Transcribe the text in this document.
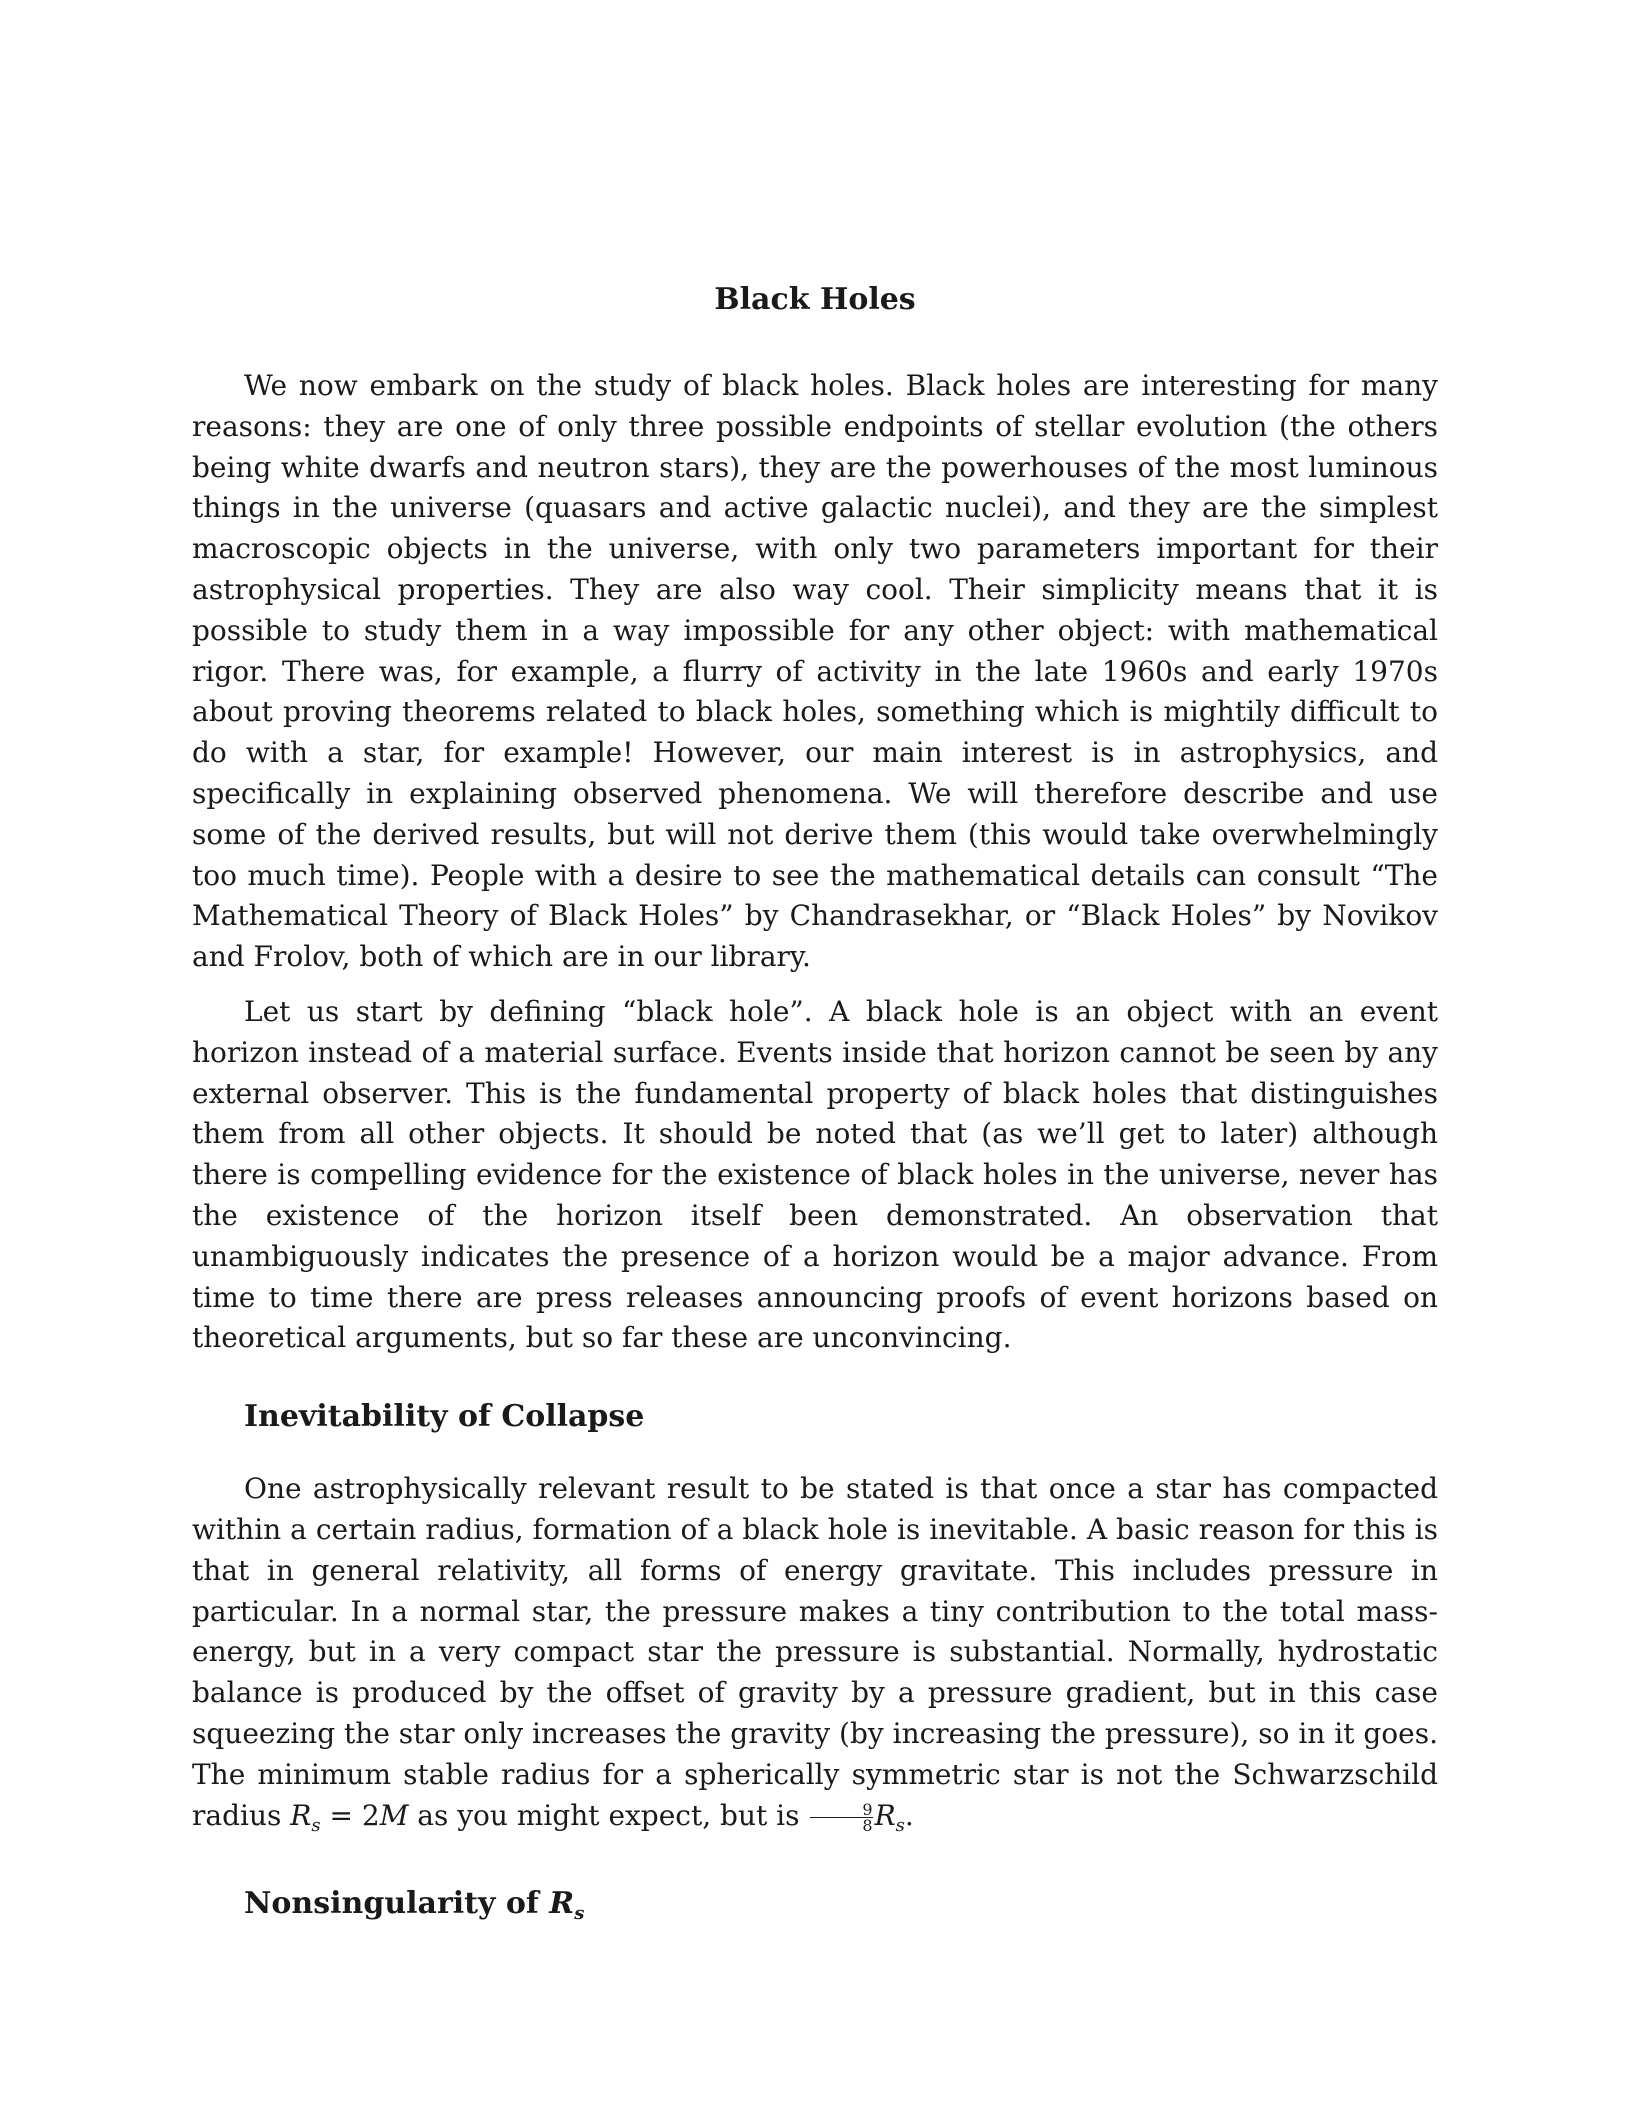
Black Holes

We now embark on the study of black holes. Black holes are interesting for many reasons: they are one of only three possible endpoints of stellar evolution (the others being white dwarfs and neutron stars), they are the powerhouses of the most luminous things in the universe (quasars and active galactic nuclei), and they are the simplest macroscopic objects in the universe, with only two parameters important for their astrophysical properties. They are also way cool. Their simplicity means that it is possible to study them in a way impossible for any other object: with mathematical rigor. There was, for example, a flurry of activity in the late 1960s and early 1970s about proving theorems related to black holes, something which is mightily difficult to do with a star, for example! However, our main interest is in astrophysics, and specifically in explaining observed phenomena. We will therefore describe and use some of the derived results, but will not derive them (this would take overwhelmingly too much time). People with a desire to see the mathematical details can consult “The Mathematical Theory of Black Holes” by Chandrasekhar, or “Black Holes” by Novikov and Frolov, both of which are in our library.

Let us start by defining “black hole”. A black hole is an object with an event horizon instead of a material surface. Events inside that horizon cannot be seen by any external observer. This is the fundamental property of black holes that distinguishes them from all other objects. It should be noted that (as we’ll get to later) although there is compelling evidence for the existence of black holes in the universe, never has the existence of the horizon itself been demonstrated. An observation that unambiguously indicates the presence of a horizon would be a major advance. From time to time there are press releases announcing proofs of event horizons based on theoretical arguments, but so far these are unconvincing.

Inevitability of Collapse

One astrophysically relevant result to be stated is that once a star has compacted within a certain radius, formation of a black hole is inevitable. A basic reason for this is that in general relativity, all forms of energy gravitate. This includes pressure in particular. In a normal star, the pressure makes a tiny contribution to the total mass-energy, but in a very compact star the pressure is substantial. Normally, hydrostatic balance is produced by the offset of gravity by a pressure gradient, but in this case squeezing the star only increases the gravity (by increasing the pressure), so in it goes. The minimum stable radius for a spherically symmetric star is not the Schwarzschild radius $R_s = 2M$ as you might expect, but is $\frac{9}{8} R_s$.

Nonsingularity of $R_s$
